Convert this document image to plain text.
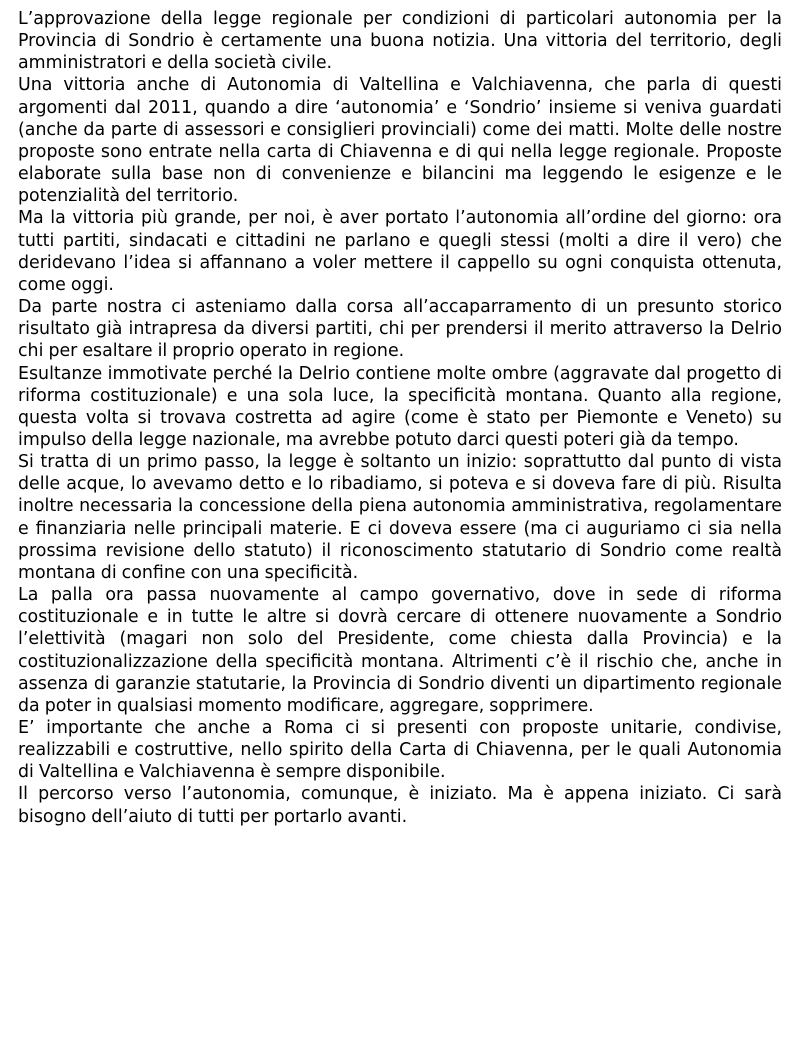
L’approvazione della legge regionale per condizioni di particolari autonomia per la Provincia di Sondrio è certamente una buona notizia. Una vittoria del territorio, degli amministratori e della società civile.

Una vittoria anche di Autonomia di Valtellina e Valchiavenna, che parla di questi argomenti dal 2011, quando a dire ‘autonomia’ e ‘Sondrio’ insieme si veniva guardati (anche da parte di assessori e consiglieri provinciali) come dei matti. Molte delle nostre proposte sono entrate nella carta di Chiavenna e di qui nella legge regionale. Proposte elaborate sulla base non di convenienze e bilancini ma leggendo le esigenze e le potenzialità del territorio.

Ma la vittoria più grande, per noi, è aver portato l’autonomia all’ordine del giorno: ora tutti partiti, sindacati e cittadini ne parlano e quegli stessi (molti a dire il vero) che deridevano l’idea si affannano a voler mettere il cappello su ogni conquista ottenuta, come oggi.

Da parte nostra ci asteniamo dalla corsa all’accaparramento di un presunto storico risultato già intrapresa da diversi partiti, chi per prendersi il merito attraverso la Delrio chi per esaltare il proprio operato in regione.

Esultanze immotivate perché la Delrio contiene molte ombre (aggravate dal progetto di riforma costituzionale) e una sola luce, la specificità montana. Quanto alla regione, questa volta si trovava costretta ad agire (come è stato per Piemonte e Veneto) su impulso della legge nazionale, ma avrebbe potuto darci questi poteri già da tempo.

Si tratta di un primo passo, la legge è soltanto un inizio: soprattutto dal punto di vista delle acque, lo avevamo detto e lo ribadiamo, si poteva e si doveva fare di più. Risulta inoltre necessaria la concessione della piena autonomia amministrativa, regolamentare e finanziaria nelle principali materie. E ci doveva essere (ma ci auguriamo ci sia nella prossima revisione dello statuto) il riconoscimento statutario di Sondrio come realtà montana di confine con una specificità.

La palla ora passa nuovamente al campo governativo, dove in sede di riforma costituzionale e in tutte le altre si dovrà cercare di ottenere nuovamente a Sondrio l’elettività (magari non solo del Presidente, come chiesta dalla Provincia) e la costituzionalizzazione della specificità montana. Altrimenti c’è il rischio che, anche in assenza di garanzie statutarie, la Provincia di Sondrio diventi un dipartimento regionale da poter in qualsiasi momento modificare, aggregare, sopprimere.

E’ importante che anche a Roma ci si presenti con proposte unitarie, condivise, realizzabili e costruttive, nello spirito della Carta di Chiavenna, per le quali Autonomia di Valtellina e Valchiavenna è sempre disponibile.

Il percorso verso l’autonomia, comunque, è iniziato. Ma è appena iniziato. Ci sarà bisogno dell’aiuto di tutti per portarlo avanti.
